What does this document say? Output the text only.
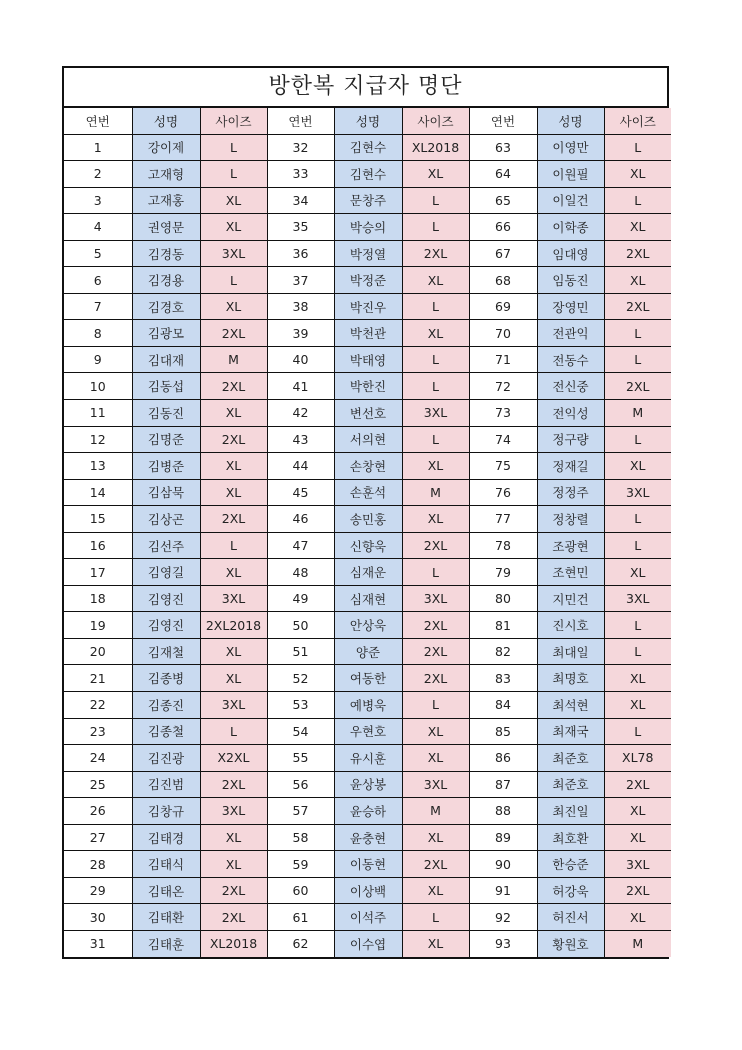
방한복 지급자 명단
연번	성명	사이즈	연번	성명	사이즈	연번	성명	사이즈
1	강이제	L	32	김현수	XL2018	63	이영만	L
2	고재형	L	33	김현수	XL	64	이원필	XL
3	고재홍	XL	34	문창주	L	65	이일건	L
4	권영문	XL	35	박승의	L	66	이학종	XL
5	김경동	3XL	36	박정열	2XL	67	임대영	2XL
6	김경용	L	37	박정준	XL	68	임동진	XL
7	김경호	XL	38	박진우	L	69	장영민	2XL
8	김광모	2XL	39	박천관	XL	70	전관익	L
9	김대재	M	40	박태영	L	71	전동수	L
10	김동섭	2XL	41	박한진	L	72	전신중	2XL
11	김동진	XL	42	변선호	3XL	73	전익성	M
12	김명준	2XL	43	서의현	L	74	정구량	L
13	김병준	XL	44	손창현	XL	75	정재길	XL
14	김삼묵	XL	45	손훈석	M	76	정정주	3XL
15	김상곤	2XL	46	송민홍	XL	77	정창렬	L
16	김선주	L	47	신향욱	2XL	78	조광현	L
17	김영길	XL	48	심재운	L	79	조현민	XL
18	김영진	3XL	49	심재현	3XL	80	지민건	3XL
19	김영진	2XL2018	50	안상욱	2XL	81	진시호	L
20	김재철	XL	51	양준	2XL	82	최대일	L
21	김종병	XL	52	여동한	2XL	83	최명호	XL
22	김종진	3XL	53	예병욱	L	84	최석현	XL
23	김종철	L	54	우현호	XL	85	최재국	L
24	김진광	X2XL	55	유시훈	XL	86	최준호	XL78
25	김진범	2XL	56	윤상봉	3XL	87	최준호	2XL
26	김창규	3XL	57	윤승하	M	88	최진일	XL
27	김태경	XL	58	윤충현	XL	89	최호환	XL
28	김태식	XL	59	이동현	2XL	90	한승준	3XL
29	김태온	2XL	60	이상백	XL	91	허강욱	2XL
30	김태환	2XL	61	이석주	L	92	허진서	XL
31	김태훈	XL2018	62	이수엽	XL	93	황원호	M
